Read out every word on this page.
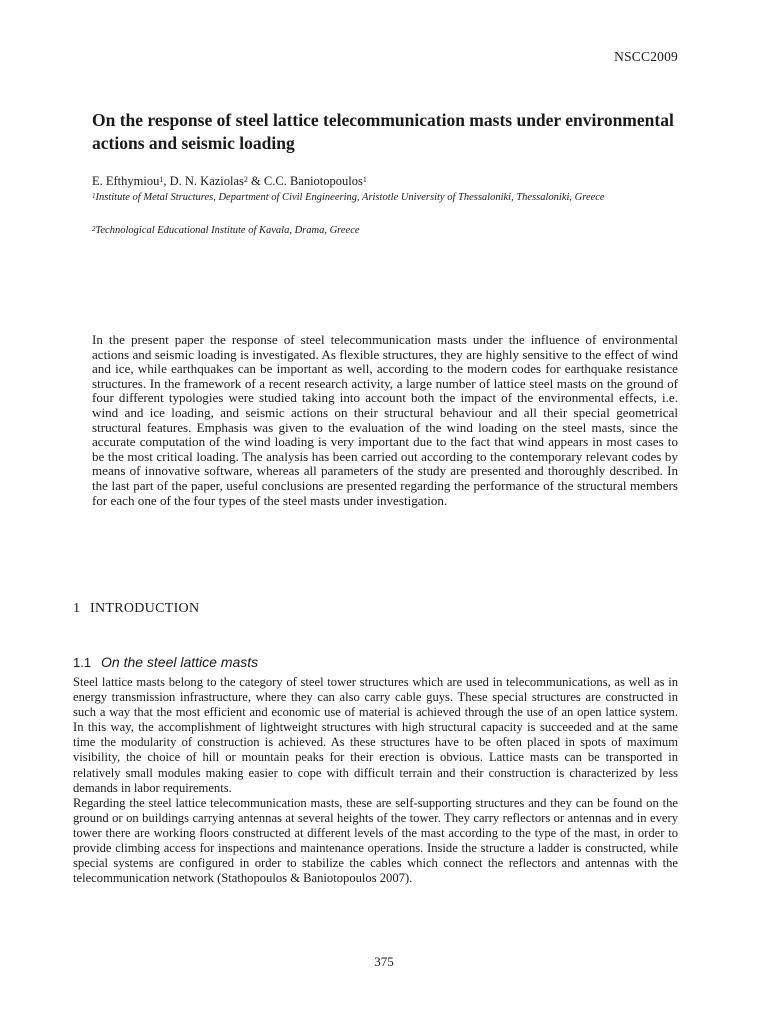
NSCC2009
On the response of steel lattice telecommunication masts under environmental actions and seismic loading
E. Efthymiou$^1$, D. N. Kaziolas$^2$ & C.C. Baniotopoulos$^1$
$^1$Institute of Metal Structures, Department of Civil Engineering, Aristotle University of Thessaloniki, Thessaloniki, Greece
$^2$Technological Educational Institute of Kavala, Drama, Greece

In the present paper the response of steel telecommunication masts under the influence of environmental actions and seismic loading is investigated. As flexible structures, they are highly sensitive to the effect of wind and ice, while earthquakes can be important as well, according to the modern codes for earthquake resistance structures. In the framework of a recent research activity, a large number of lattice steel masts on the ground of four different typologies were studied taking into account both the impact of the environmental effects, i.e. wind and ice loading, and seismic actions on their structural behaviour and all their special geometrical structural features. Emphasis was given to the evaluation of the wind loading on the steel masts, since the accurate computation of the wind loading is very important due to the fact that wind appears in most cases to be the most critical loading. The analysis has been carried out according to the contemporary relevant codes by means of innovative software, whereas all parameters of the study are presented and thoroughly described. In the last part of the paper, useful conclusions are presented regarding the performance of the structural members for each one of the four types of the steel masts under investigation.

1 INTRODUCTION
1.1 On the steel lattice masts

Steel lattice masts belong to the category of steel tower structures which are used in telecommunications, as well as in energy transmission infrastructure, where they can also carry cable guys. These special structures are constructed in such a way that the most efficient and economic use of material is achieved through the use of an open lattice system. In this way, the accomplishment of lightweight structures with high structural capacity is succeeded and at the same time the modularity of construction is achieved. As these structures have to be often placed in spots of maximum visibility, the choice of hill or mountain peaks for their erection is obvious. Lattice masts can be transported in relatively small modules making easier to cope with difficult terrain and their construction is characterized by less demands in labor requirements.

Regarding the steel lattice telecommunication masts, these are self-supporting structures and they can be found on the ground or on buildings carrying antennas at several heights of the tower. They carry reflectors or antennas and in every tower there are working floors constructed at different levels of the mast according to the type of the mast, in order to provide climbing access for inspections and maintenance operations. Inside the structure a ladder is constructed, while special systems are configured in order to stabilize the cables which connect the reflectors and antennas with the telecommunication network (Stathopoulos & Baniotopoulos 2007).

375
